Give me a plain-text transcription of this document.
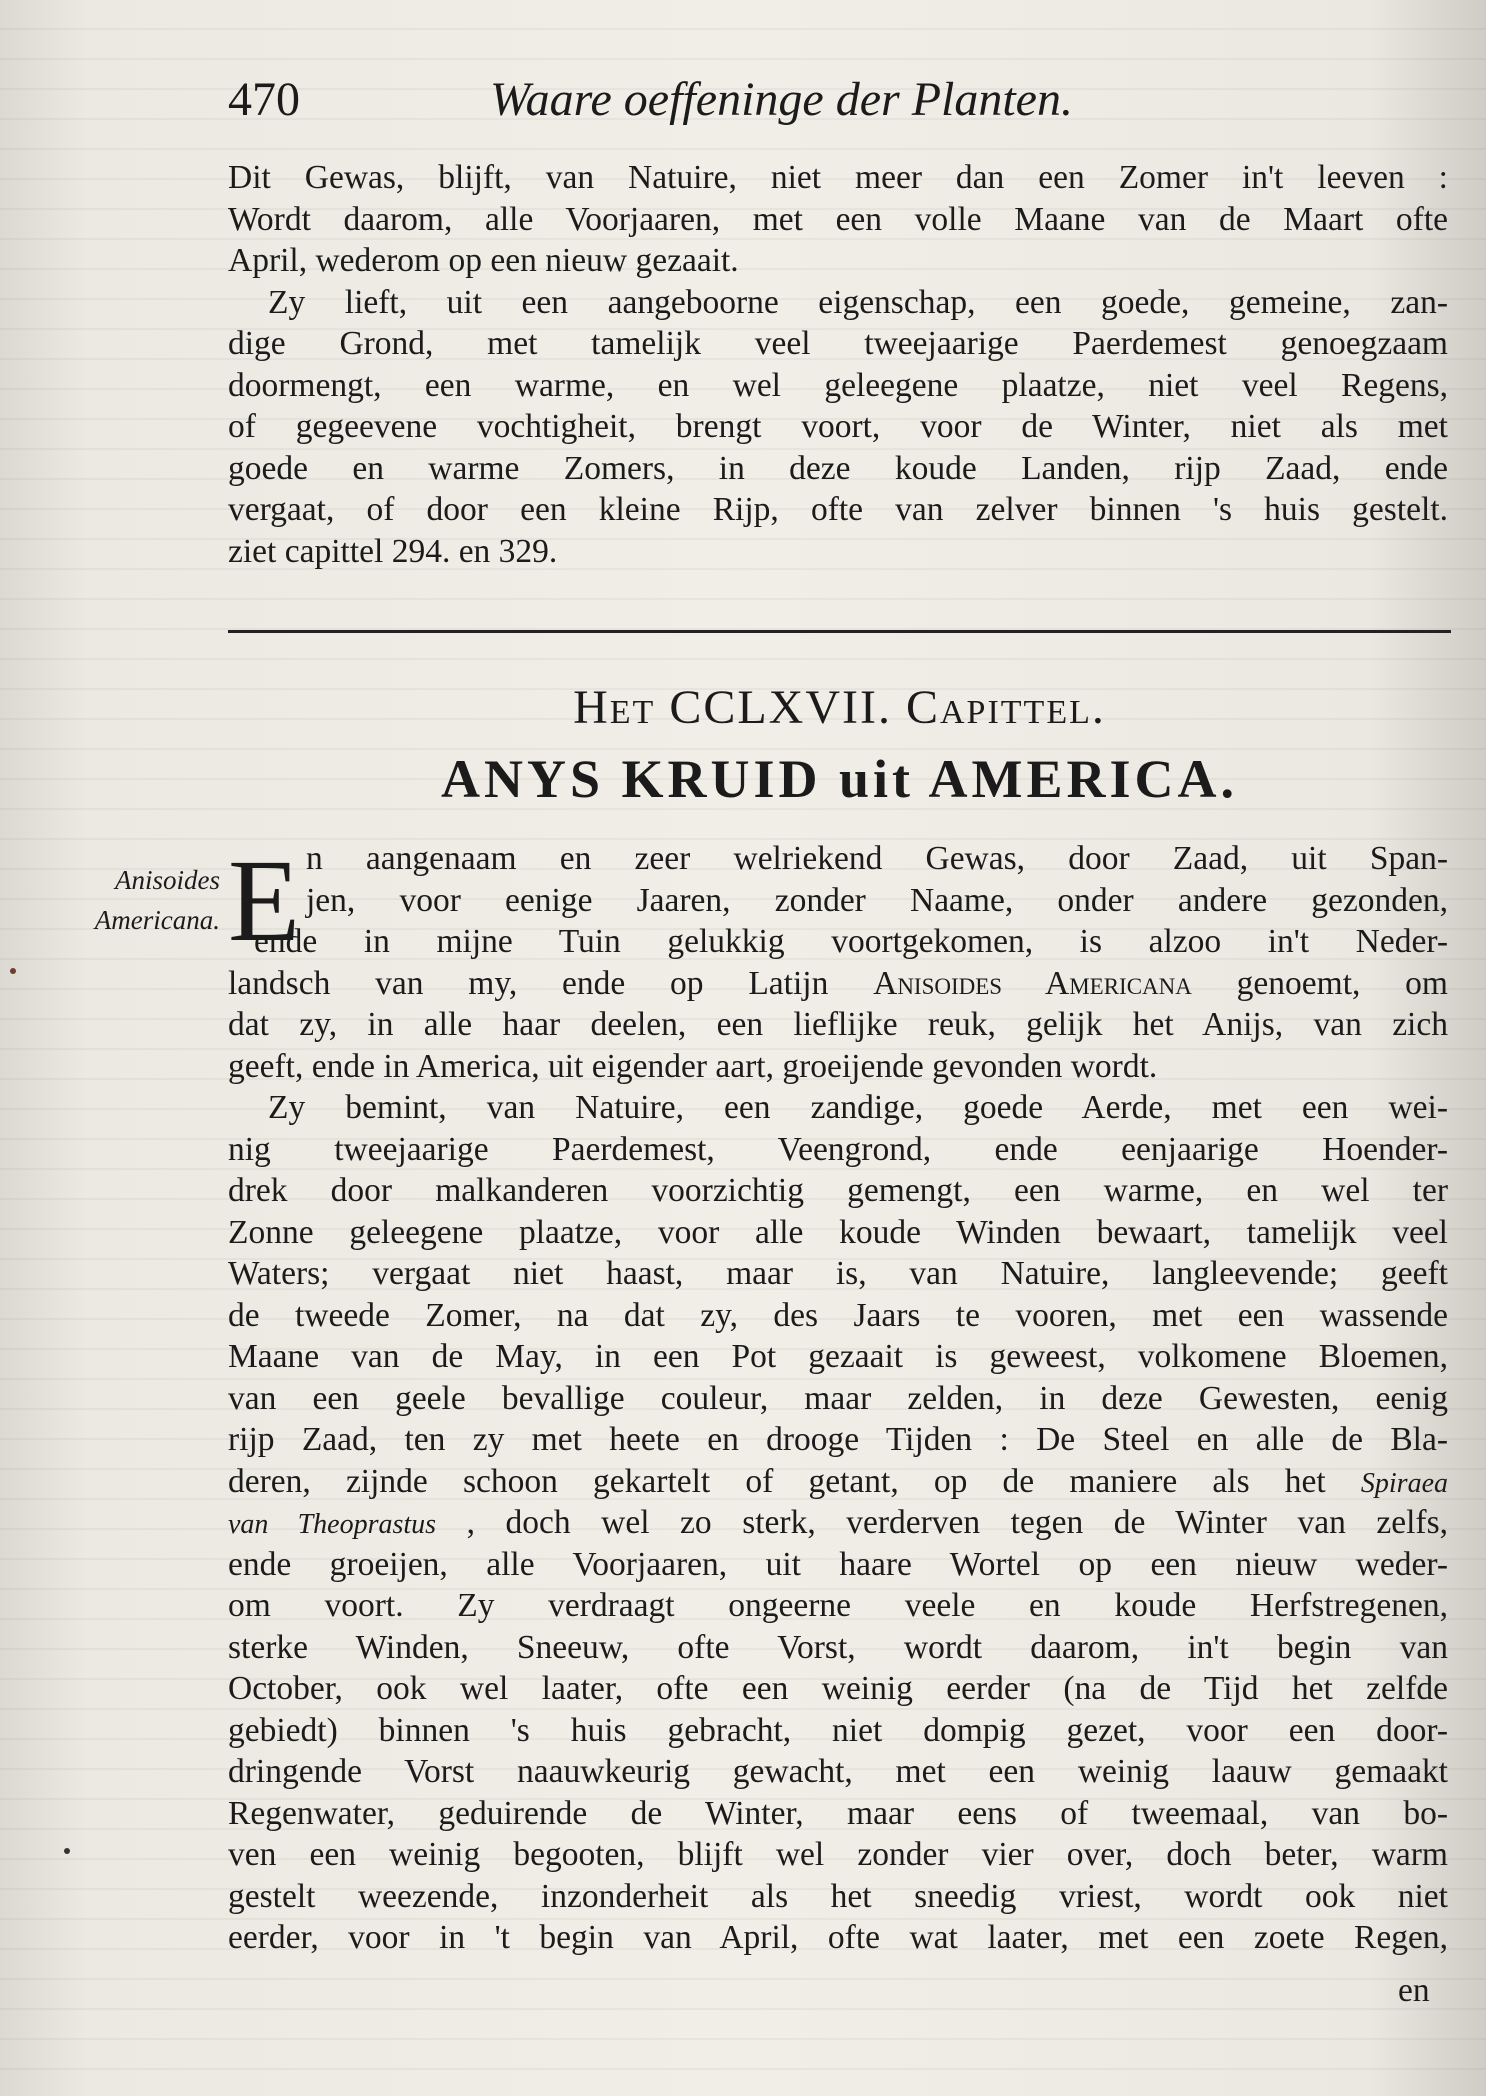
470	Waare oeffeninge der Planten.
Dit Gewas, blijft, van Natuire, niet meer dan een Zomer in't leeven :
Wordt daarom, alle Voorjaaren, met een volle Maane van de Maart ofte
April, wederom op een nieuw gezaait.
Zy lieft, uit een aangeboorne eigenschap, een goede, gemeine, zan-
dige Grond, met tamelijk veel tweejaarige Paerdemest genoegzaam
doormengt, een warme, en wel geleegene plaatze, niet veel Regens,
of gegeevene vochtigheit, brengt voort, voor de Winter, niet als met
goede en warme Zomers, in deze koude Landen, rijp Zaad, ende
vergaat, of door een kleine Rijp, ofte van zelver binnen 's huis gestelt.
ziet capittel 294. en 329.
Het CCLXVII. Capittel.
ANYS KRUID uit AMERICA.
Anisoides
Americana. E n aangenaam en zeer welriekend Gewas, door Zaad, uit Span-
jen, voor eenige Jaaren, zonder Naame, onder andere gezonden,
ende in mijne Tuin gelukkig voortgekomen, is alzoo in't Neder-
landsch van my, ende op Latijn Anisoides Americana genoemt, om
dat zy, in alle haar deelen, een lieflijke reuk, gelijk het Anijs, van zich
geeft, ende in America, uit eigender aart, groeijende gevonden wordt.
Zy bemint, van Natuire, een zandige, goede Aerde, met een wei-
nig tweejaarige Paerdemest, Veengrond, ende eenjaarige Hoender-
drek door malkanderen voorzichtig gemengt, een warme, en wel ter
Zonne geleegene plaatze, voor alle koude Winden bewaart, tamelijk veel
Waters; vergaat niet haast, maar is, van Natuire, langleevende; geeft
de tweede Zomer, na dat zy, des Jaars te vooren, met een wassende
Maane van de May, in een Pot gezaait is geweest, volkomene Bloemen,
van een geele bevallige couleur, maar zelden, in deze Gewesten, eenig
rijp Zaad, ten zy met heete en drooge Tijden : De Steel en alle de Bla-
deren, zijnde schoon gekartelt of getant, op de maniere als het Spiraea
van Theoprastus , doch wel zo sterk, verderven tegen de Winter van zelfs,
ende groeijen, alle Voorjaaren, uit haare Wortel op een nieuw weder-
om voort. Zy verdraagt ongeerne veele en koude Herfstregenen,
sterke Winden, Sneeuw, ofte Vorst, wordt daarom, in't begin van
October, ook wel laater, ofte een weinig eerder (na de Tijd het zelfde
gebiedt) binnen 's huis gebracht, niet dompig gezet, voor een door-
dringende Vorst naauwkeurig gewacht, met een weinig laauw gemaakt
Regenwater, geduirende de Winter, maar eens of tweemaal, van bo-
ven een weinig begooten, blijft wel zonder vier over, doch beter, warm
gestelt weezende, inzonderheit als het sneedig vriest, wordt ook niet
eerder, voor in 't begin van April, ofte wat laater, met een zoete Regen,
en
